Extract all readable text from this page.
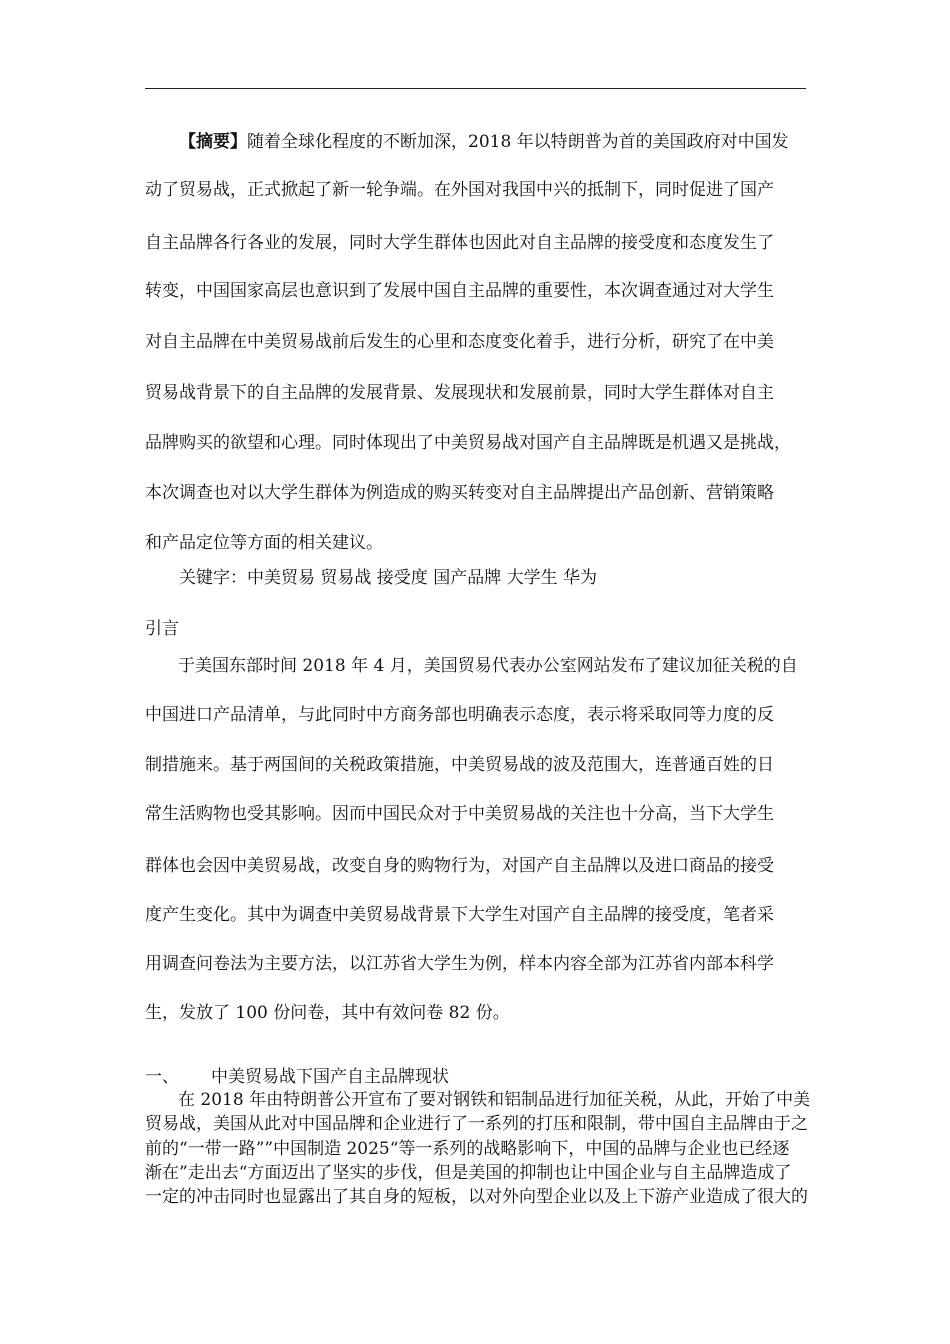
【摘要】随着全球化程度的不断加深，2018 年以特朗普为首的美国政府对中国发
动了贸易战，正式掀起了新一轮争端。在外国对我国中兴的抵制下，同时促进了国产
自主品牌各行各业的发展，同时大学生群体也因此对自主品牌的接受度和态度发生了
转变，中国国家高层也意识到了发展中国自主品牌的重要性，本次调查通过对大学生
对自主品牌在中美贸易战前后发生的心里和态度变化着手，进行分析，研究了在中美
贸易战背景下的自主品牌的发展背景、发展现状和发展前景，同时大学生群体对自主
品牌购买的欲望和心理。同时体现出了中美贸易战对国产自主品牌既是机遇又是挑战，
本次调查也对以大学生群体为例造成的购买转变对自主品牌提出产品创新、营销策略
和产品定位等方面的相关建议。
关键字：中美贸易 贸易战 接受度 国产品牌 大学生 华为
引言
于美国东部时间 2018 年 4 月，美国贸易代表办公室网站发布了建议加征关税的自
中国进口产品清单，与此同时中方商务部也明确表示态度，表示将采取同等力度的反
制措施来。基于两国间的关税政策措施，中美贸易战的波及范围大，连普通百姓的日
常生活购物也受其影响。因而中国民众对于中美贸易战的关注也十分高，当下大学生
群体也会因中美贸易战，改变自身的购物行为，对国产自主品牌以及进口商品的接受
度产生变化。其中为调查中美贸易战背景下大学生对国产自主品牌的接受度，笔者采
用调查问卷法为主要方法，以江苏省大学生为例，样本内容全部为江苏省内部本科学
生，发放了 100 份问卷，其中有效问卷 82 份。
一、 中美贸易战下国产自主品牌现状
在 2018 年由特朗普公开宣布了要对钢铁和铝制品进行加征关税，从此，开始了中美
贸易战，美国从此对中国品牌和企业进行了一系列的打压和限制，带中国自主品牌由于之
前的“一带一路””中国制造 2025“等一系列的战略影响下，中国的品牌与企业也已经逐
渐在”走出去“方面迈出了坚实的步伐，但是美国的抑制也让中国企业与自主品牌造成了
一定的冲击同时也显露出了其自身的短板，以对外向型企业以及上下游产业造成了很大的
